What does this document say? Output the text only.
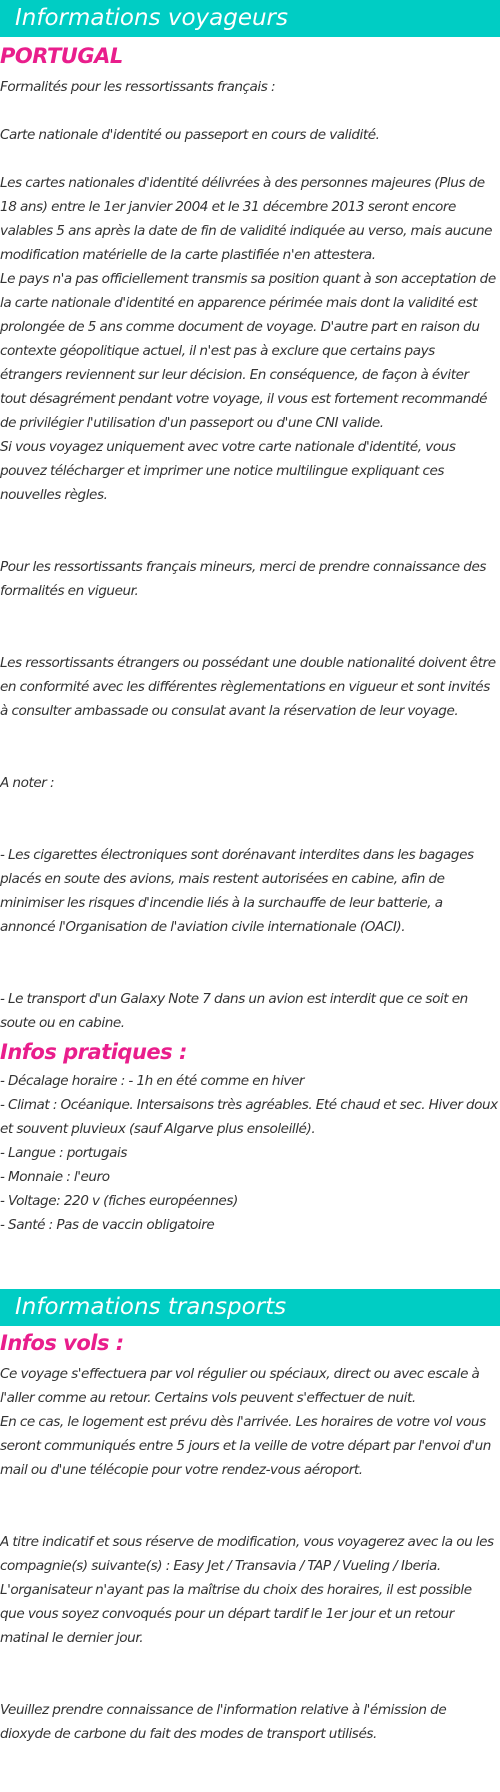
Informations voyageurs
PORTUGAL

Formalités pour les ressortissants français :

Carte nationale d'identité ou passeport en cours de validité.

Les cartes nationales d'identité délivrées à des personnes majeures (Plus de 18 ans) entre le 1er janvier 2004 et le 31 décembre 2013 seront encore valables 5 ans après la date de fin de validité indiquée au verso, mais aucune modification matérielle de la carte plastifiée n'en attestera.

Le pays n'a pas officiellement transmis sa position quant à son acceptation de la carte nationale d'identité en apparence périmée mais dont la validité est prolongée de 5 ans comme document de voyage. D'autre part en raison du contexte géopolitique actuel, il n'est pas à exclure que certains pays étrangers reviennent sur leur décision. En conséquence, de façon à éviter tout désagrément pendant votre voyage, il vous est fortement recommandé de privilégier l'utilisation d'un passeport ou d'une CNI valide.

Si vous voyagez uniquement avec votre carte nationale d'identité, vous pouvez télécharger et imprimer une notice multilingue expliquant ces nouvelles règles.

Pour les ressortissants français mineurs, merci de prendre connaissance des formalités en vigueur.

Les ressortissants étrangers ou possédant une double nationalité doivent être en conformité avec les différentes règlementations en vigueur et sont invités à consulter ambassade ou consulat avant la réservation de leur voyage.

A noter :

- Les cigarettes électroniques sont dorénavant interdites dans les bagages placés en soute des avions, mais restent autorisées en cabine, afin de minimiser les risques d'incendie liés à la surchauffe de leur batterie, a annoncé l'Organisation de l'aviation civile internationale (OACI).

- Le transport d'un Galaxy Note 7 dans un avion est interdit que ce soit en soute ou en cabine.

Infos pratiques :

- Décalage horaire : - 1h en été comme en hiver

- Climat : Océanique. Intersaisons très agréables. Eté chaud et sec. Hiver doux et souvent pluvieux (sauf Algarve plus ensoleillé).

- Langue : portugais

- Monnaie : l'euro

- Voltage: 220 v (fiches européennes)

- Santé : Pas de vaccin obligatoire

Informations transports
Infos vols :

Ce voyage s'effectuera par vol régulier ou spéciaux, direct ou avec escale à l'aller comme au retour. Certains vols peuvent s'effectuer de nuit.

En ce cas, le logement est prévu dès l'arrivée. Les horaires de votre vol vous seront communiqués entre 5 jours et la veille de votre départ par l'envoi d'un mail ou d'une télécopie pour votre rendez-vous aéroport.

A titre indicatif et sous réserve de modification, vous voyagerez avec la ou les compagnie(s) suivante(s) : Easy Jet / Transavia / TAP / Vueling / Iberia.

L'organisateur n'ayant pas la maîtrise du choix des horaires, il est possible que vous soyez convoqués pour un départ tardif le 1er jour et un retour matinal le dernier jour.

Veuillez prendre connaissance de l'information relative à l'émission de dioxyde de carbone du fait des modes de transport utilisés.
